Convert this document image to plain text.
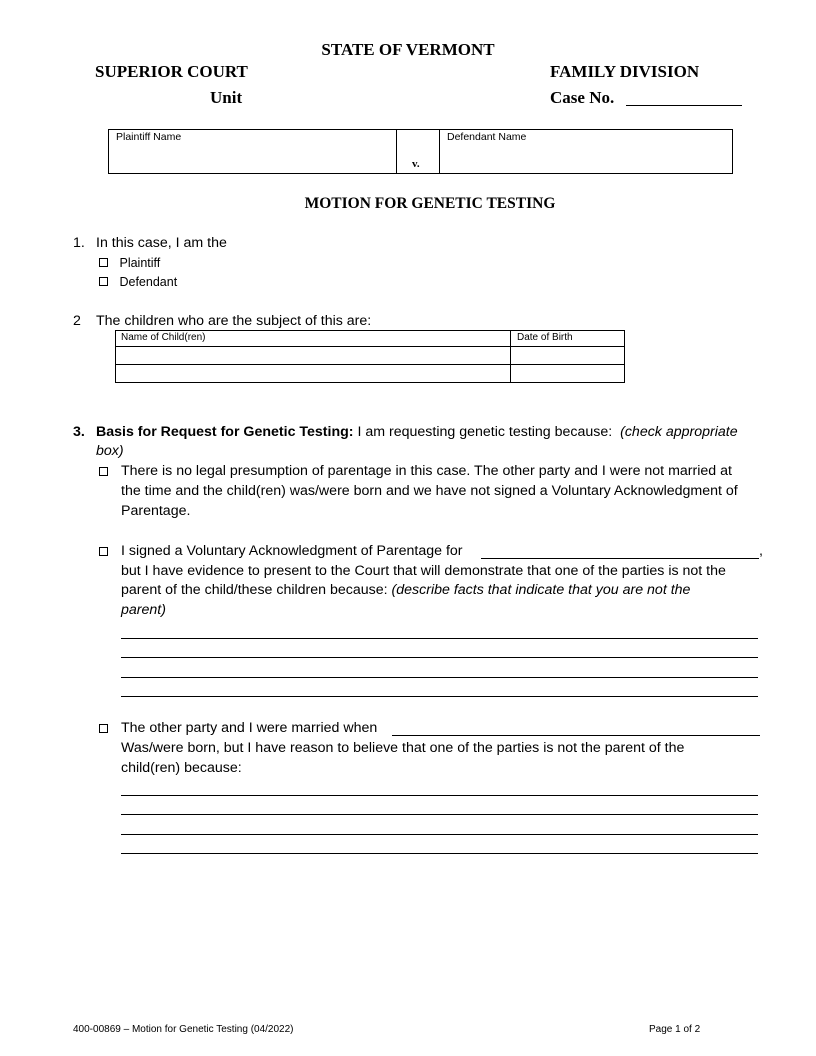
STATE OF VERMONT
SUPERIOR COURT
Unit
FAMILY DIVISION
Case No.
Plaintiff Name
v.
Defendant Name
MOTION FOR GENETIC TESTING
1. In this case, I am the
Plaintiff
Defendant
2 The children who are the subject of this are:
Name of Child(ren)	Date of Birth
3. Basis for Request for Genetic Testing: I am requesting genetic testing because:  (check appropriate
box)
There is no legal presumption of parentage in this case. The other party and I were not married at
the time and the child(ren) was/were born and we have not signed a Voluntary Acknowledgment of
Parentage.
I signed a Voluntary Acknowledgment of Parentage for	,
but I have evidence to present to the Court that will demonstrate that one of the parties is not the
parent of the child/these children because: (describe facts that indicate that you are not the
parent)
The other party and I were married when
Was/were born, but I have reason to believe that one of the parties is not the parent of the
child(ren) because:
400-00869 – Motion for Genetic Testing (04/2022)	Page 1 of 2
